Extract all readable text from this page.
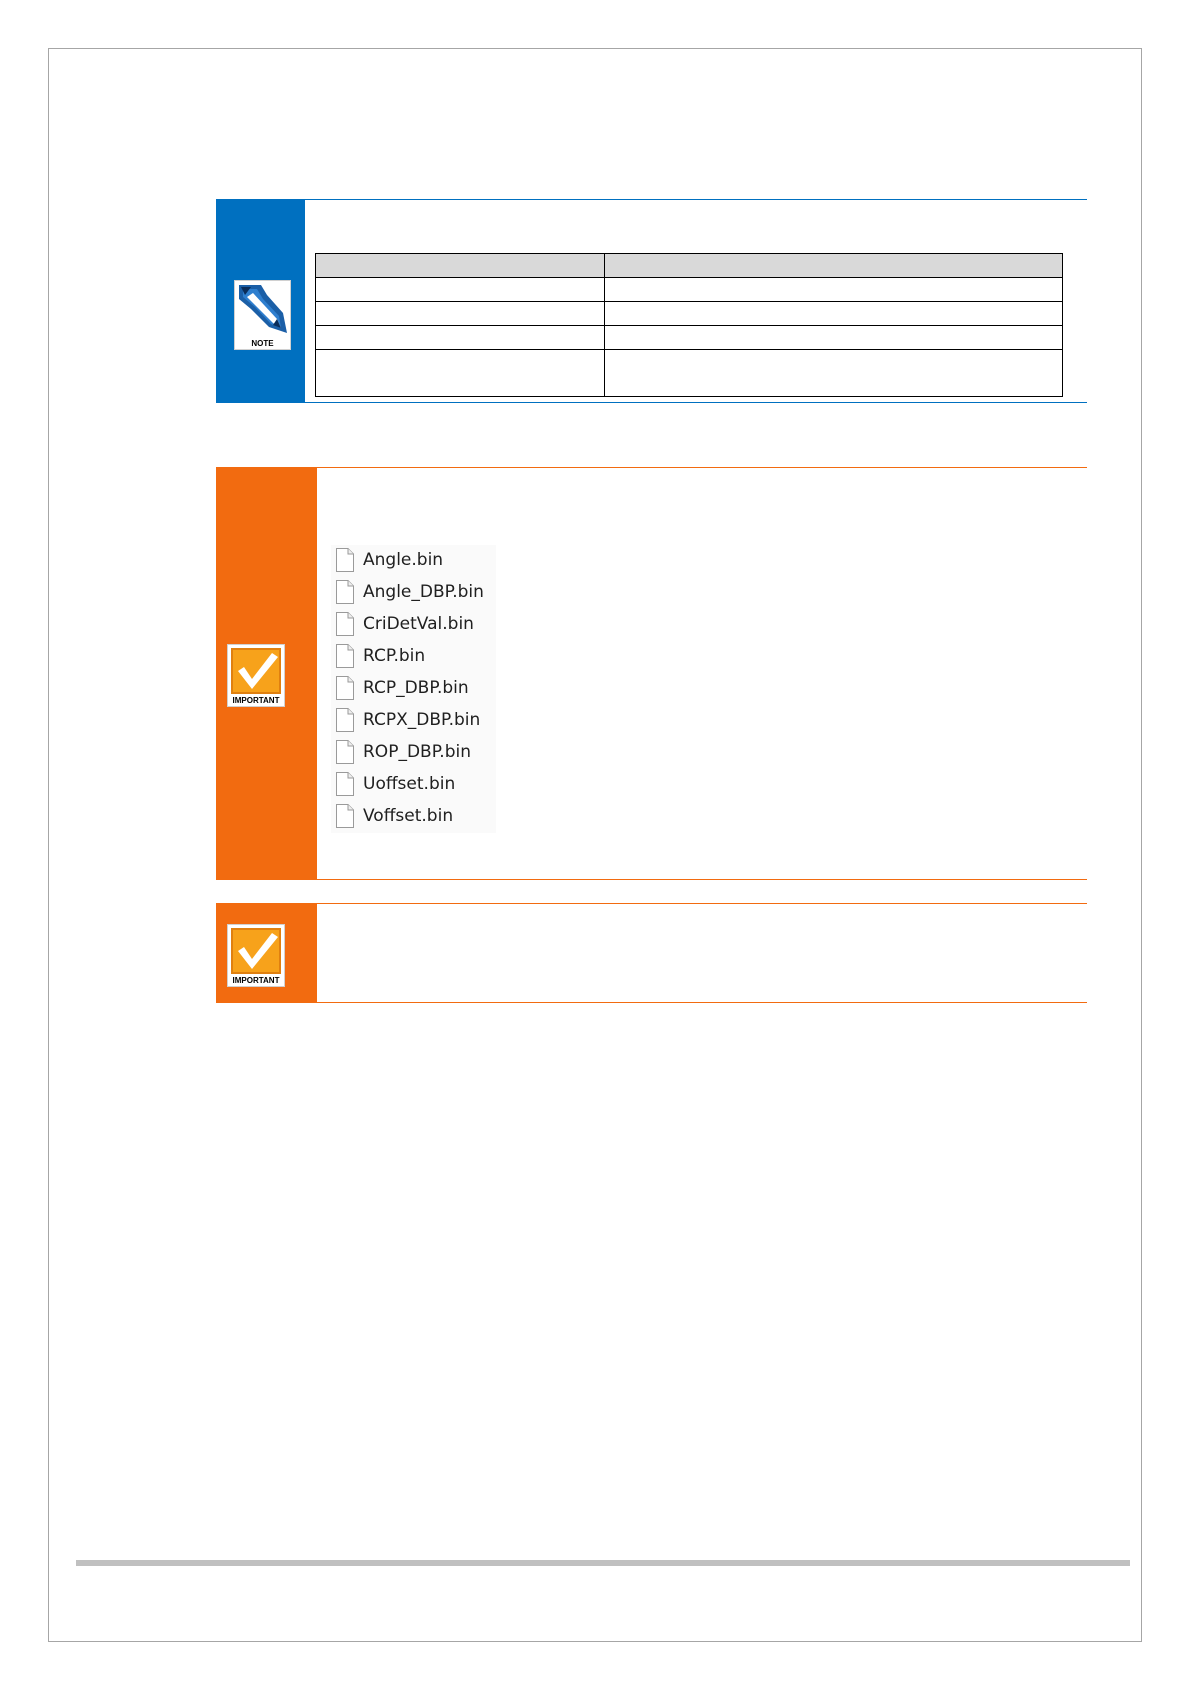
NOTE

IMPORTANT
Angle.bin
Angle_DBP.bin
CriDetVal.bin
RCP.bin
RCP_DBP.bin
RCPX_DBP.bin
ROP_DBP.bin
Uoffset.bin
Voffset.bin
IMPORTANT
